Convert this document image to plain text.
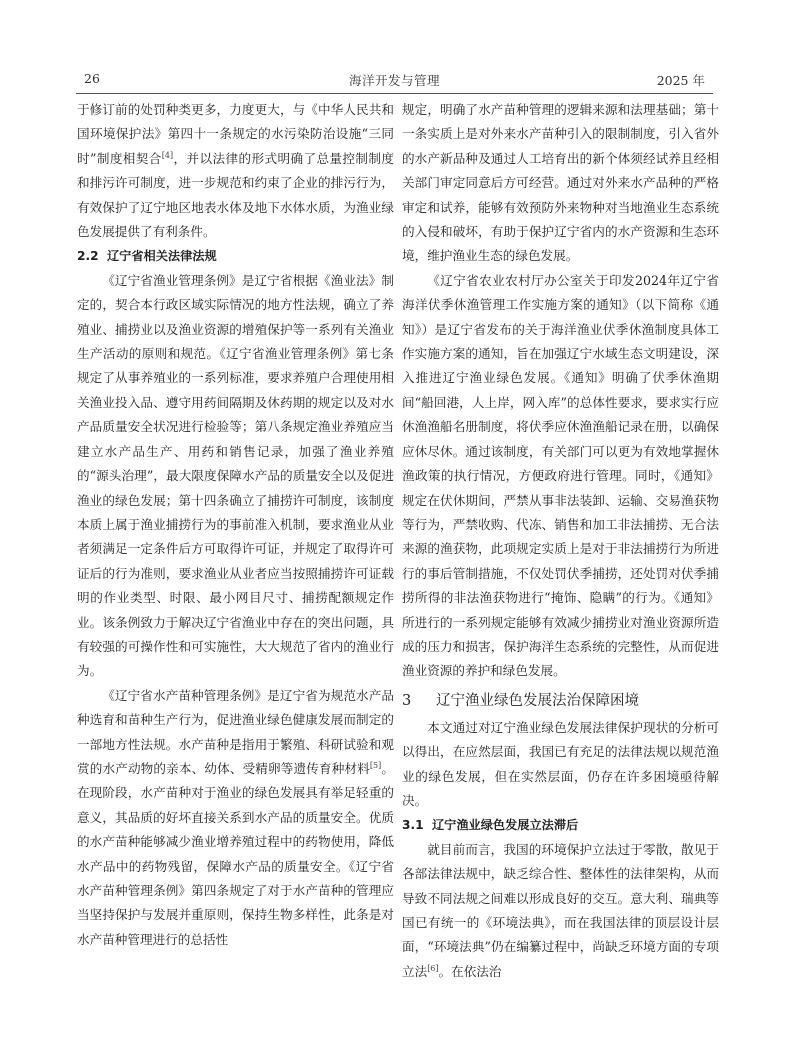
26	海洋开发与管理	2025 年

于修订前的处罚种类更多，力度更大，与《中华人民共和国环境保护法》第四十一条规定的水污染防治设施“三同时”制度相契合[4]，并以法律的形式明确了总量控制制度和排污许可制度，进一步规范和约束了企业的排污行为，有效保护了辽宁地区地表水体及地下水体水质，为渔业绿色发展提供了有利条件。

2.2 辽宁省相关法律法规

《辽宁省渔业管理条例》是辽宁省根据《渔业法》制定的，契合本行政区域实际情况的地方性法规，确立了养殖业、捕捞业以及渔业资源的增殖保护等一系列有关渔业生产活动的原则和规范。《辽宁省渔业管理条例》第七条规定了从事养殖业的一系列标准，要求养殖户合理使用相关渔业投入品、遵守用药间隔期及休药期的规定以及对水产品质量安全状况进行检验等；第八条规定渔业养殖应当建立水产品生产、用药和销售记录，加强了渔业养殖的“源头治理”，最大限度保障水产品的质量安全以及促进渔业的绿色发展；第十四条确立了捕捞许可制度，该制度本质上属于渔业捕捞行为的事前准入机制，要求渔业从业者须满足一定条件后方可取得许可证，并规定了取得许可证后的行为准则，要求渔业从业者应当按照捕捞许可证载明的作业类型、时限、最小网目尺寸、捕捞配额规定作业。该条例致力于解决辽宁省渔业中存在的突出问题，具有较强的可操作性和可实施性，大大规范了省内的渔业行为。

《辽宁省水产苗种管理条例》是辽宁省为规范水产品种选育和苗种生产行为，促进渔业绿色健康发展而制定的一部地方性法规。水产苗种是指用于繁殖、科研试验和观赏的水产动物的亲本、幼体、受精卵等遗传育种材料[5]。在现阶段，水产苗种对于渔业的绿色发展具有举足轻重的意义，其品质的好坏直接关系到水产品的质量安全。优质的水产苗种能够减少渔业增养殖过程中的药物使用，降低水产品中的药物残留，保障水产品的质量安全。《辽宁省水产苗种管理条例》第四条规定了对于水产苗种的管理应当坚持保护与发展并重原则，保持生物多样性，此条是对水产苗种管理进行的总括性

规定，明确了水产苗种管理的逻辑来源和法理基础；第十一条实质上是对外来水产苗种引入的限制制度，引入省外的水产新品种及通过人工培育出的新个体须经试养且经相关部门审定同意后方可经营。通过对外来水产品种的严格审定和试养，能够有效预防外来物种对当地渔业生态系统的入侵和破坏，有助于保护辽宁省内的水产资源和生态环境，维护渔业生态的绿色发展。

《辽宁省农业农村厅办公室关于印发2024年辽宁省海洋伏季休渔管理工作实施方案的通知》（以下简称《通知》）是辽宁省发布的关于海洋渔业伏季休渔制度具体工作实施方案的通知，旨在加强辽宁水域生态文明建设，深入推进辽宁渔业绿色发展。《通知》明确了伏季休渔期间“船回港，人上岸，网入库”的总体性要求，要求实行应休渔渔船名册制度，将伏季应休渔渔船记录在册，以确保应休尽休。通过该制度，有关部门可以更为有效地掌握休渔政策的执行情况，方便政府进行管理。同时，《通知》规定在伏休期间，严禁从事非法装卸、运输、交易渔获物等行为，严禁收购、代冻、销售和加工非法捕捞、无合法来源的渔获物，此项规定实质上是对于非法捕捞行为所进行的事后管制措施，不仅处罚伏季捕捞，还处罚对伏季捕捞所得的非法渔获物进行“掩饰、隐瞒”的行为。《通知》所进行的一系列规定能够有效减少捕捞业对渔业资源所造成的压力和损害，保护海洋生态系统的完整性，从而促进渔业资源的养护和绿色发展。

3 辽宁渔业绿色发展法治保障困境

本文通过对辽宁渔业绿色发展法律保护现状的分析可以得出，在应然层面，我国已有充足的法律法规以规范渔业的绿色发展，但在实然层面，仍存在许多困境亟待解决。

3.1 辽宁渔业绿色发展立法滞后

就目前而言，我国的环境保护立法过于零散，散见于各部法律法规中，缺乏综合性、整体性的法律架构，从而导致不同法规之间难以形成良好的交互。意大利、瑞典等国已有统一的《环境法典》，而在我国法律的顶层设计层面，“环境法典”仍在编纂过程中，尚缺乏环境方面的专项立法[6]。在依法治
